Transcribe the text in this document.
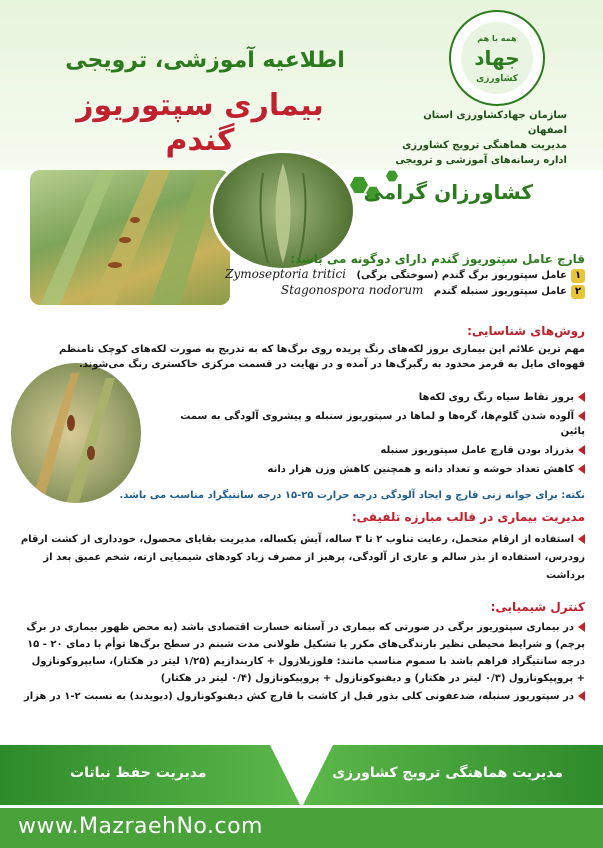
اطلاعیه آموزشی، ترویجی
بیماری سپتوریوز گندم
همه با هم
جهاد
کشاورزی
سازمان جهادکشاورزی استان اصفهان
مدیریت هماهنگی ترویج کشاورزی
اداره رسانه‌های آموزشی و ترویجی
کشاورزان گرامی
قارچ عامل سپتوریوز گندم دارای دوگونه می باشد:
۱عامل سپتوریوز برگ گندم (سوختگی برگی)   Zymoseptoria tritici
۲عامل سپتوریوز سنبله گندم   Stagonospora nodorum
روش‌های شناسایی:
مهم ترین علائم این بیماری بروز لکه‌های رنگ پریده روی برگ‌ها که به تدریج به صورت لکه‌های کوچک نامنظم قهوه‌ای مایل به قرمز محدود به رگبرگ‌ها در آمده و در نهایت در قسمت مرکزی خاکستری رنگ می‌شوند.
بروز نقاط سیاه رنگ روی لکه‌ها
آلوده شدن گلوم‌ها، گره‌ها و لماها در سپتوریوز سنبله و پیشروی آلودگی به سمت پائین
بذرزاد بودن قارچ عامل سپتوریوز سنبله
کاهش تعداد خوشه و تعداد دانه و همچنین کاهش وزن هزار دانه
نکته: برای جوانه زنی قارچ و ایجاد آلودگی درجه حرارت ۲۵-۱۵ درجه سانتیگراد مناسب می باشد.
مدیریت بیماری در قالب مبارزه تلفیقی:
استفاده از ارقام متحمل، رعایت تناوب ۲ تا ۳ ساله، آیش یکساله، مدیریت بقایای محصول، خودداری از کشت ارقام زودرس، استفاده از بذر سالم و عاری از آلودگی، پرهیز از مصرف زیاد کودهای شیمیایی ازته، شخم عمیق بعد از برداشت
کنترل شیمیایی:
در بیماری سپتوریوز برگی در صورتی که بیماری در آستانه خسارت اقتصادی باشد (به محض ظهور بیماری در برگ پرچم) و شرایط محیطی نظیر بارندگی‌های مکرر یا تشکیل طولانی مدت شبنم در سطح برگ‌ها توأم با دمای ۲۰ - ۱۵ درجه سانتیگراد فراهم باشد با سموم مناسب مانند: فلوزیلازول + کاربندازیم (۱/۲۵ لیتر در هکتار)، سایپروکونازول + پروپیکونازول (۰/۳ لیتر در هکتار) و دیفنوکونازول + پروپیکونازول (۰/۴ لیتر در هکتار)
در سپتوریوز سنبله، ضدعفونی کلی بذور قبل از کاشت با قارچ کش دیفنوکونازول (دیویدند) به نسبت ۲-۱ در هزار
مدیریت حفظ نباتات	مدیریت هماهنگی ترویج کشاورزی
www.MazraehNo.com
